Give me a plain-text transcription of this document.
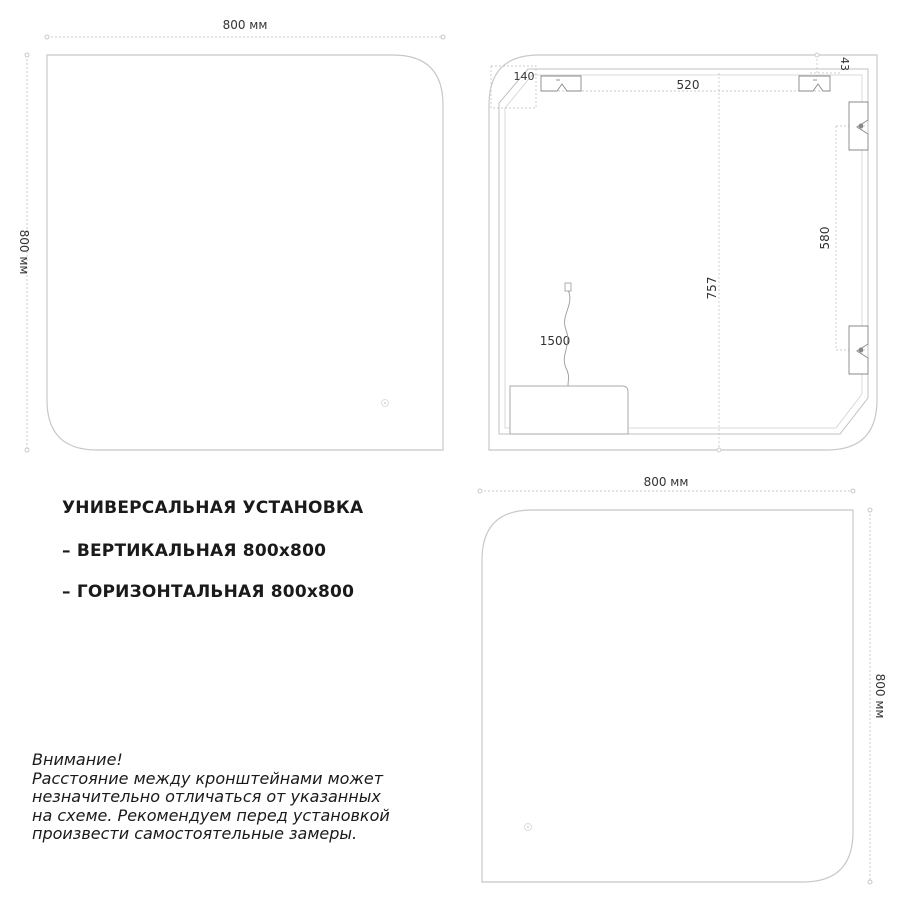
800 мм
800 мм
140
43
520
580
757
1500
800 мм
800 мм
УНИВЕРСАЛЬНАЯ УСТАНОВКА
– ВЕРТИКАЛЬНАЯ 800х800
– ГОРИЗОНТАЛЬНАЯ 800х800
Внимание!
Расстояние между кронштейнами может
незначительно отличаться от указанных
на схеме. Рекомендуем перед установкой
произвести самостоятельные замеры.
